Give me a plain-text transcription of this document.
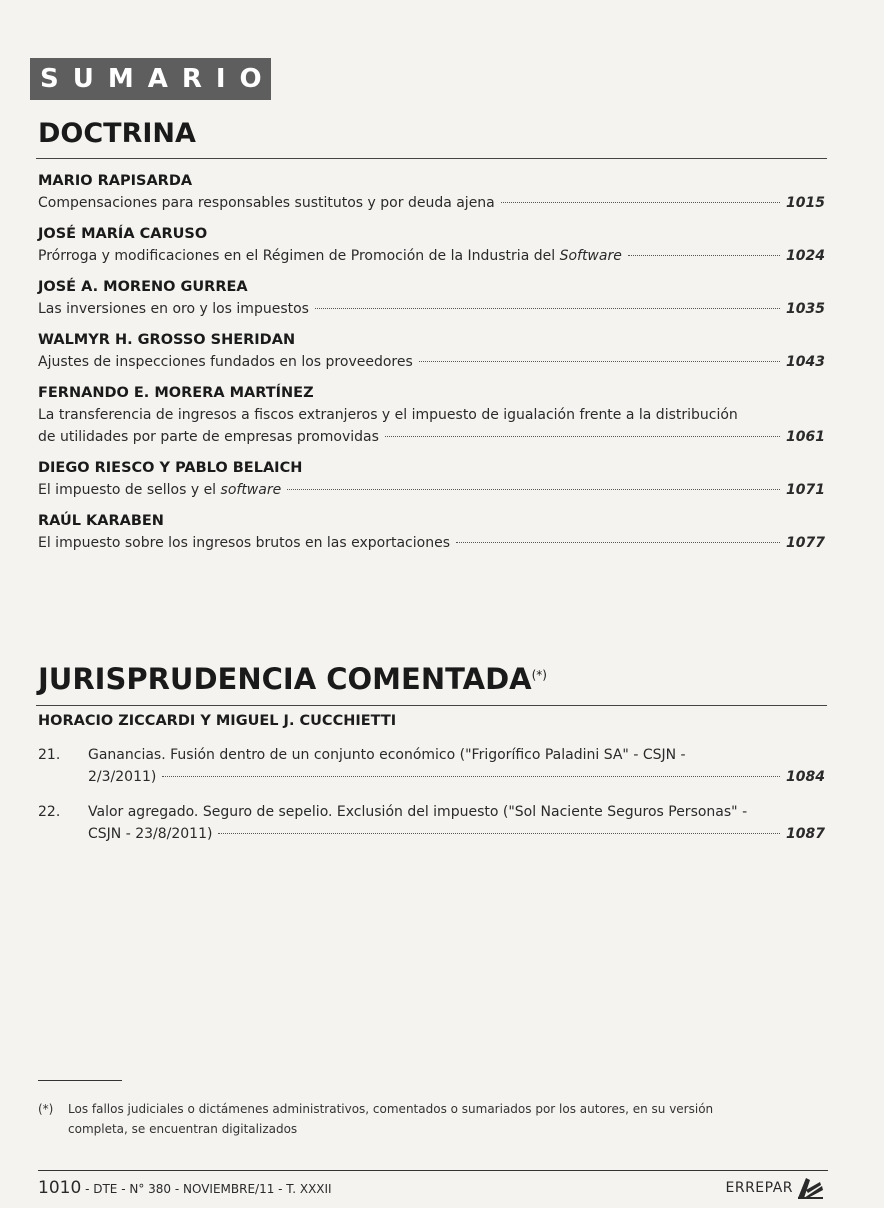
SUMARIO
DOCTRINA
MARIO RAPISARDA
Compensaciones para responsables sustitutos y por deuda ajena	1015
JOSÉ MARÍA CARUSO
Prórroga y modificaciones en el Régimen de Promoción de la Industria del Software	1024
JOSÉ A. MORENO GURREA
Las inversiones en oro y los impuestos	1035
WALMYR H. GROSSO SHERIDAN
Ajustes de inspecciones fundados en los proveedores	1043
FERNANDO E. MORERA MARTÍNEZ
La transferencia de ingresos a fiscos extranjeros y el impuesto de igualación frente a la distribución
de utilidades por parte de empresas promovidas	1061
DIEGO RIESCO Y PABLO BELAICH
El impuesto de sellos y el software	1071
RAÚL KARABEN
El impuesto sobre los ingresos brutos en las exportaciones	1077
JURISPRUDENCIA COMENTADA(*)
HORACIO ZICCARDI Y MIGUEL J. CUCCHIETTI
21.	Ganancias. Fusión dentro de un conjunto económico ("Frigorífico Paladini SA" - CSJN -
2/3/2011)	1084
22.	Valor agregado. Seguro de sepelio. Exclusión del impuesto ("Sol Naciente Seguros Personas" -
CSJN - 23/8/2011)	1087
(*)	Los fallos judiciales o dictámenes administrativos, comentados o sumariados por los autores, en su versión
completa, se encuentran digitalizados
1010 - DTE - N° 380 - NOVIEMBRE/11 - T. XXXII	ERREPAR
